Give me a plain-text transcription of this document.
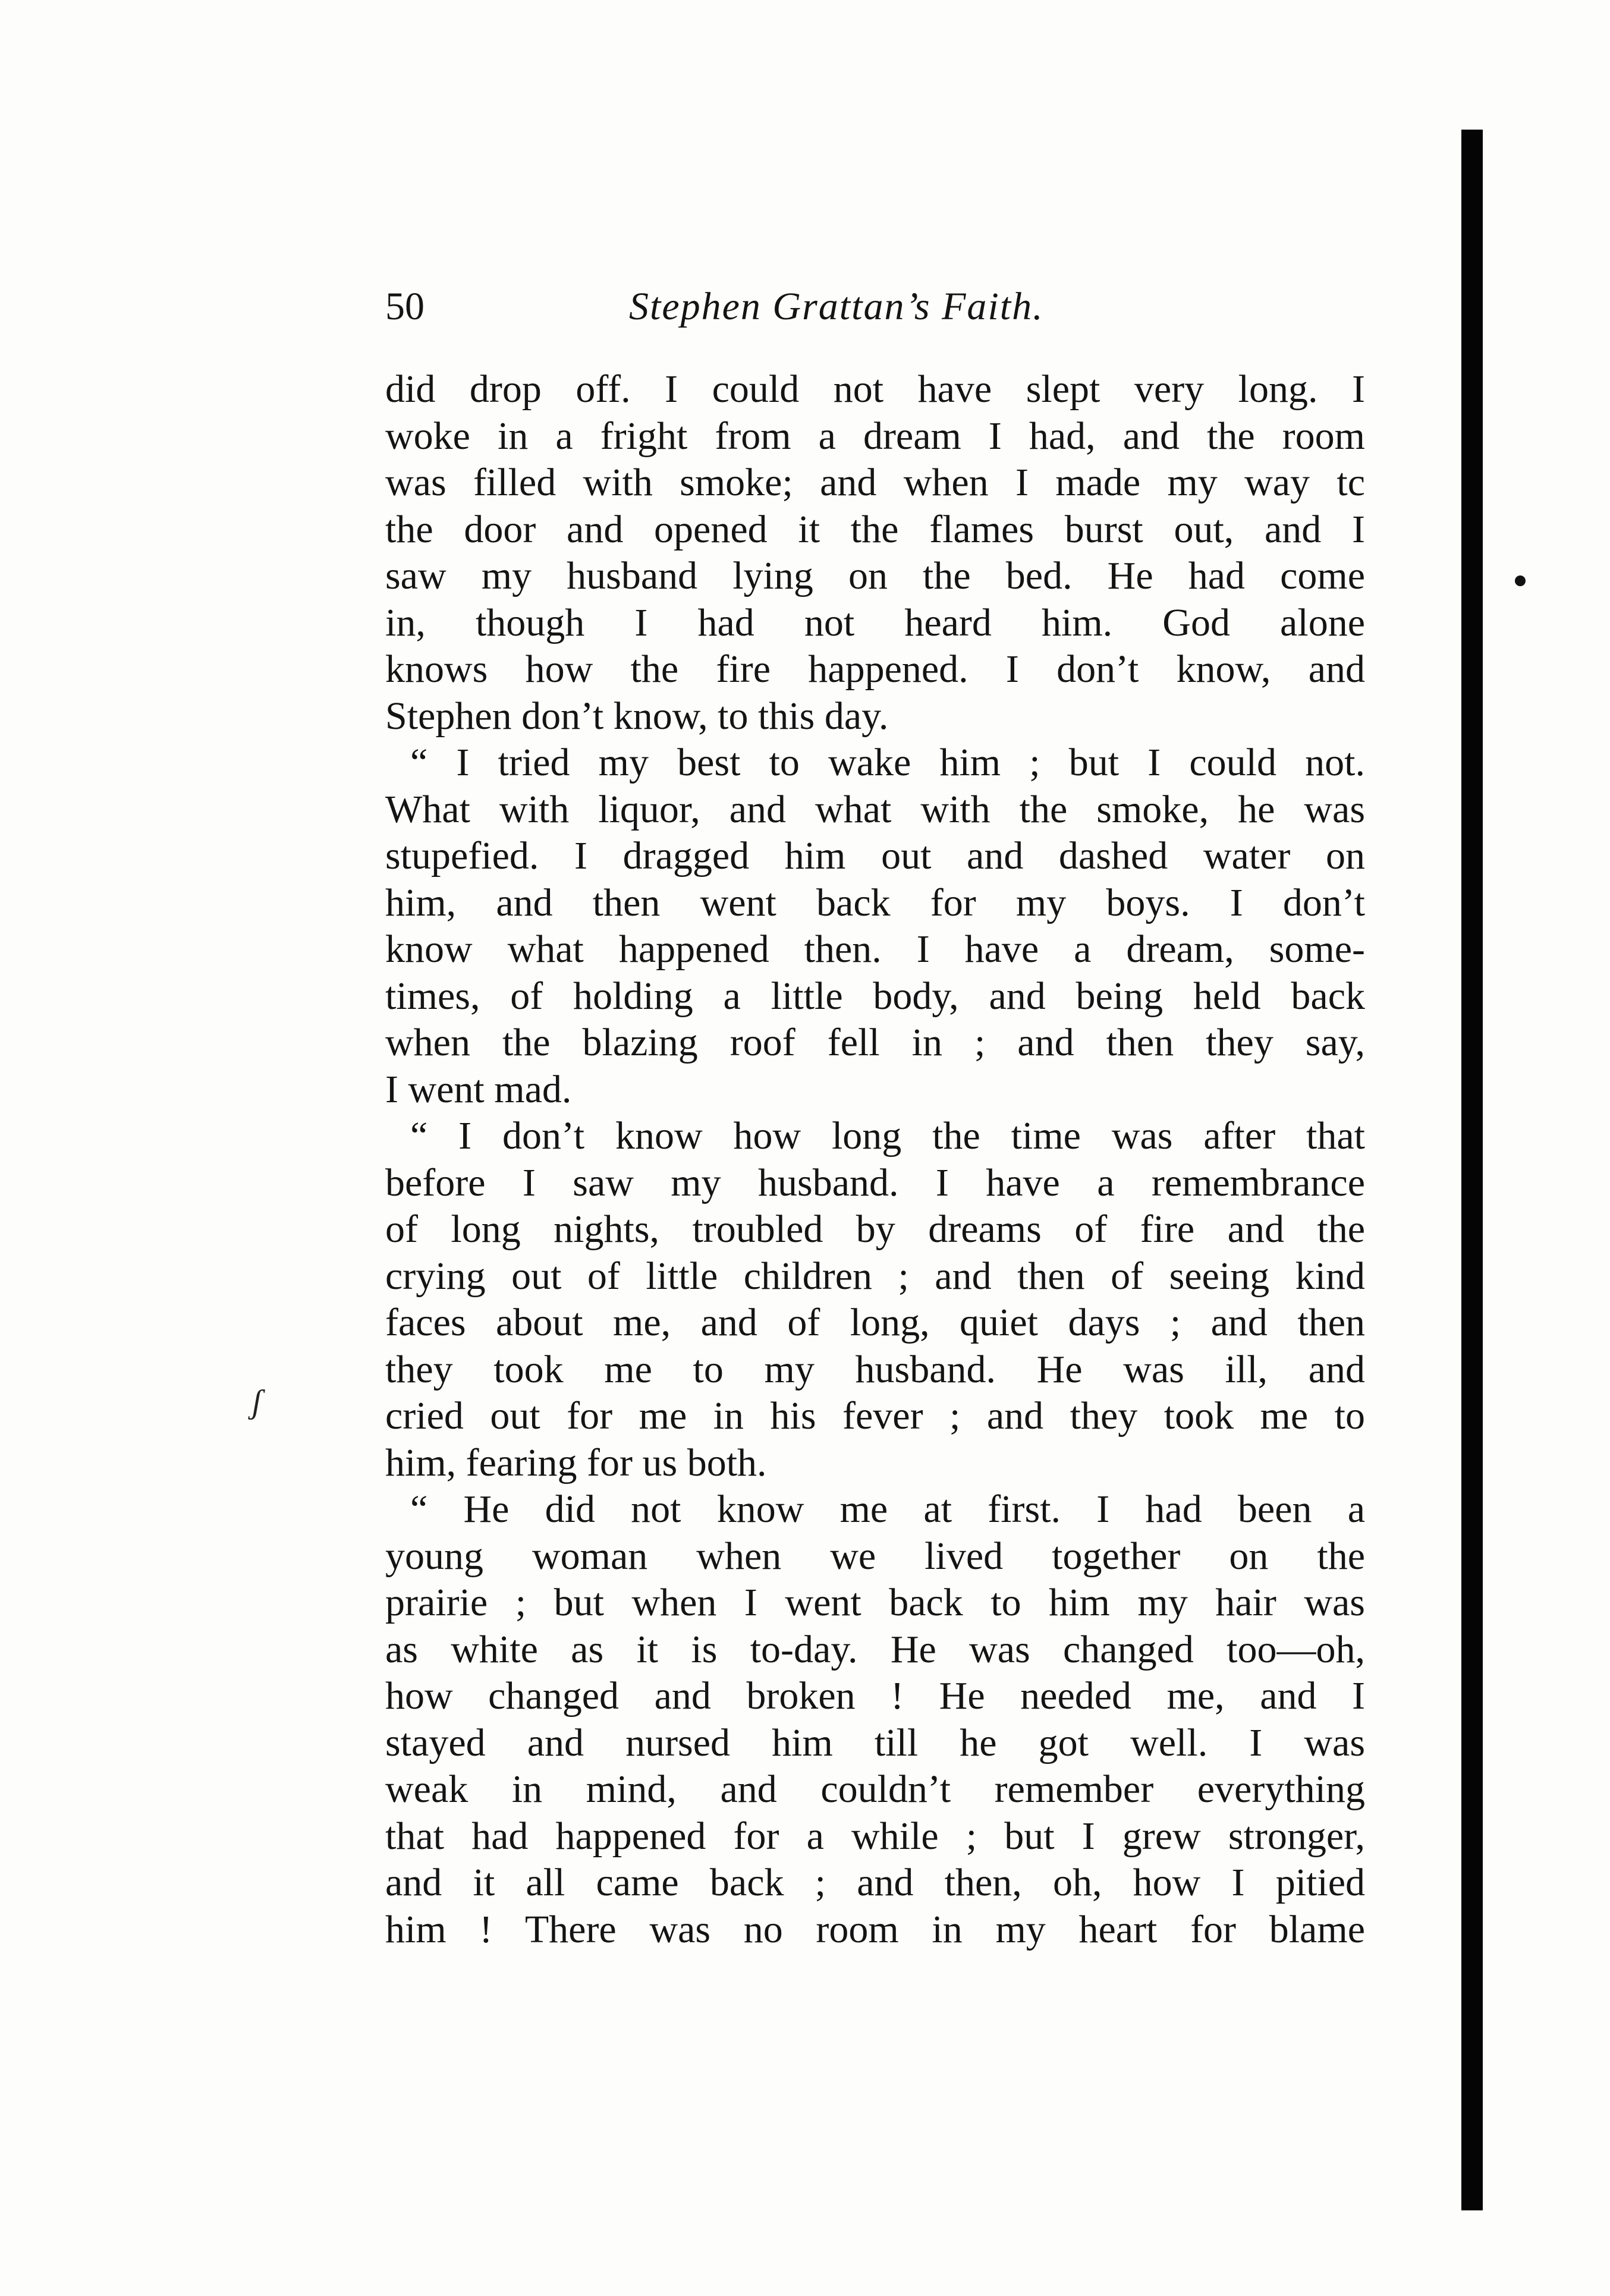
50	Stephen Grattan’s Faith.
did drop off. I could not have slept very long. I
woke in a fright from a dream I had, and the room
was filled with smoke; and when I made my way tc
the door and opened it the flames burst out, and I
saw my husband lying on the bed. He had come
in, though I had not heard him. God alone
knows how the fire happened. I don’t know, and
Stephen don’t know, to this day.
“ I tried my best to wake him ; but I could not.
What with liquor, and what with the smoke, he was
stupefied. I dragged him out and dashed water on
him, and then went back for my boys. I don’t
know what happened then. I have a dream, some-
times, of holding a little body, and being held back
when the blazing roof fell in ; and then they say,
I went mad.
“ I don’t know how long the time was after that
before I saw my husband. I have a remembrance
of long nights, troubled by dreams of fire and the
crying out of little children ; and then of seeing kind
faces about me, and of long, quiet days ; and then
they took me to my husband. He was ill, and
cried out for me in his fever ; and they took me to
him, fearing for us both.
“ He did not know me at first. I had been a
young woman when we lived together on the
prairie ; but when I went back to him my hair was
as white as it is to-day. He was changed too—oh,
how changed and broken ! He needed me, and I
stayed and nursed him till he got well. I was
weak in mind, and couldn’t remember everything
that had happened for a while ; but I grew stronger,
and it all came back ; and then, oh, how I pitied
him ! There was no room in my heart for blame
ʃ
